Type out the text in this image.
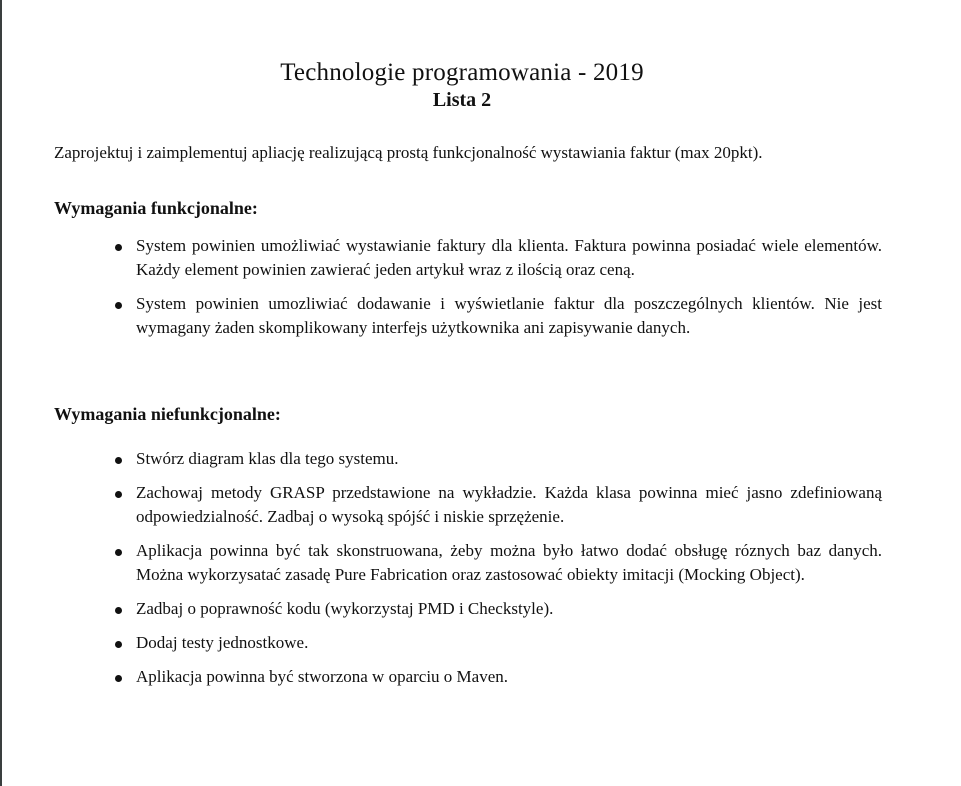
Technologie programowania - 2019
Lista 2

Zaprojektuj i zaimplementuj apliację realizującą prostą funkcjonalność wystawiania faktur (max 20pkt).

Wymagania funkcjonalne:
System powinien umożliwiać wystawianie faktury dla klienta. Faktura powinna posiadać wiele elementów. Każdy element powinien zawierać jeden artykuł wraz z ilością oraz ceną.
System powinien umozliwiać dodawanie i wyświetlanie faktur dla poszczególnych klientów. Nie jest wymagany żaden skomplikowany interfejs użytkownika ani zapisywanie danych.
Wymagania niefunkcjonalne:
Stwórz diagram klas dla tego systemu.
Zachowaj metody GRASP przedstawione na wykładzie. Każda klasa powinna mieć jasno zdefiniowaną odpowiedzialność. Zadbaj o wysoką spójść i niskie sprzężenie.
Aplikacja powinna być tak skonstruowana, żeby można było łatwo dodać obsługę róznych baz danych. Można wykorzysatać zasadę Pure Fabrication oraz zastosować obiekty imitacji (Mocking Object).
Zadbaj o poprawność kodu (wykorzystaj PMD i Checkstyle).
Dodaj testy jednostkowe.
Aplikacja powinna być stworzona w oparciu o Maven.
